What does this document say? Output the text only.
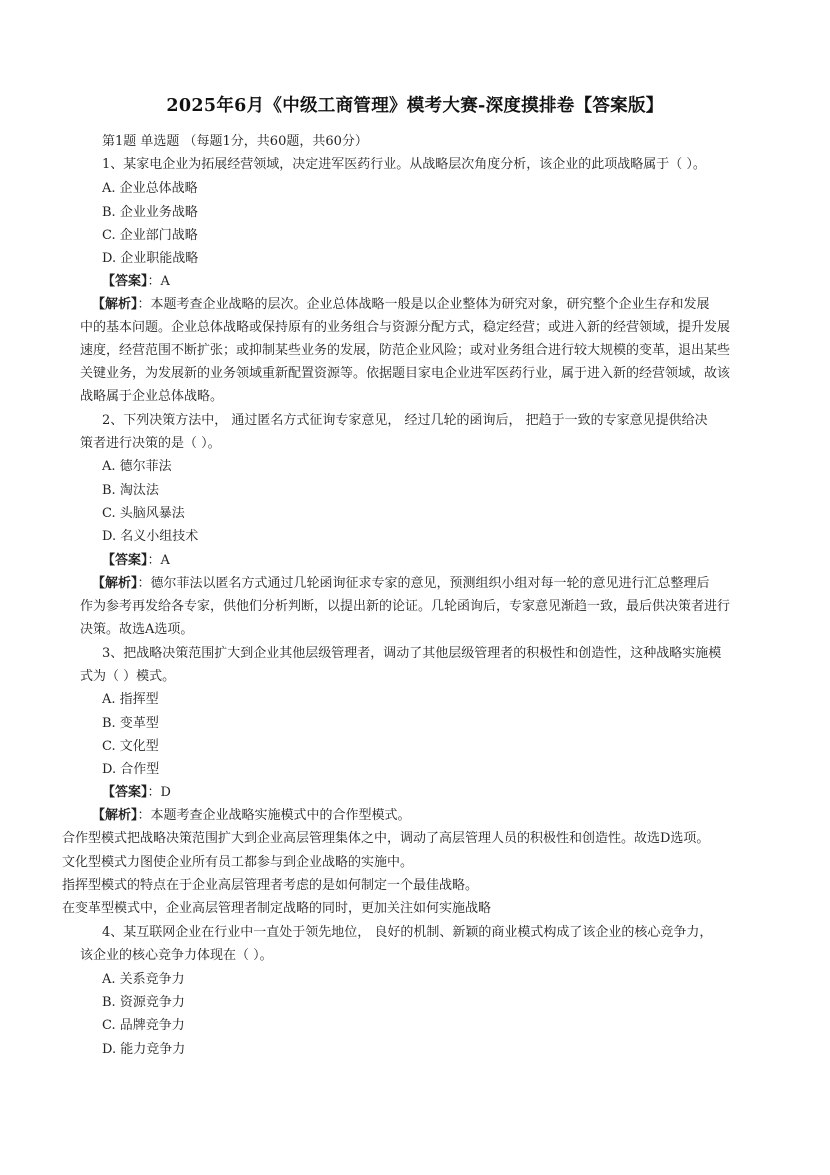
2025年6月《中级工商管理》模考大赛-深度摸排卷【答案版】
第1题 单选题 （每题1分，共60题，共60分）
1、某家电企业为拓展经营领域，决定进军医药行业。从战略层次角度分析，该企业的此项战略属于（ ）。
A. 企业总体战略
B. 企业业务战略
C. 企业部门战略
D. 企业职能战略
【答案】：A
【解析】：本题考查企业战略的层次。企业总体战略一般是以企业整体为研究对象，研究整个企业生存和发展
中的基本问题。企业总体战略或保持原有的业务组合与资源分配方式，稳定经营；或进入新的经营领域，提升发展
速度，经营范围不断扩张；或抑制某些业务的发展，防范企业风险；或对业务组合进行较大规模的变革，退出某些
关键业务，为发展新的业务领域重新配置资源等。依据题目家电企业进军医药行业，属于进入新的经营领域，故该
战略属于企业总体战略。
2、下列决策方法中， 通过匿名方式征询专家意见， 经过几轮的函询后， 把趋于一致的专家意见提供给决
策者进行决策的是（ ）。
A. 德尔菲法
B. 淘汰法
C. 头脑风暴法
D. 名义小组技术
【答案】：A
【解析】：德尔菲法以匿名方式通过几轮函询征求专家的意见，预测组织小组对每一轮的意见进行汇总整理后
作为参考再发给各专家，供他们分析判断，以提出新的论证。几轮函询后，专家意见渐趋一致，最后供决策者进行
决策。故选A选项。
3、把战略决策范围扩大到企业其他层级管理者，调动了其他层级管理者的积极性和创造性，这种战略实施模
式为（ ）模式。
A. 指挥型
B. 变革型
C. 文化型
D. 合作型
【答案】：D
【解析】：本题考查企业战略实施模式中的合作型模式。
合作型模式把战略决策范围扩大到企业高层管理集体之中，调动了高层管理人员的积极性和创造性。故选D选项。
文化型模式力图使企业所有员工都参与到企业战略的实施中。
指挥型模式的特点在于企业高层管理者考虑的是如何制定一个最佳战略。
在变革型模式中，企业高层管理者制定战略的同时，更加关注如何实施战略
4、某互联网企业在行业中一直处于领先地位， 良好的机制、新颖的商业模式构成了该企业的核心竞争力，
该企业的核心竞争力体现在（ ）。
A. 关系竞争力
B. 资源竞争力
C. 品牌竞争力
D. 能力竞争力
